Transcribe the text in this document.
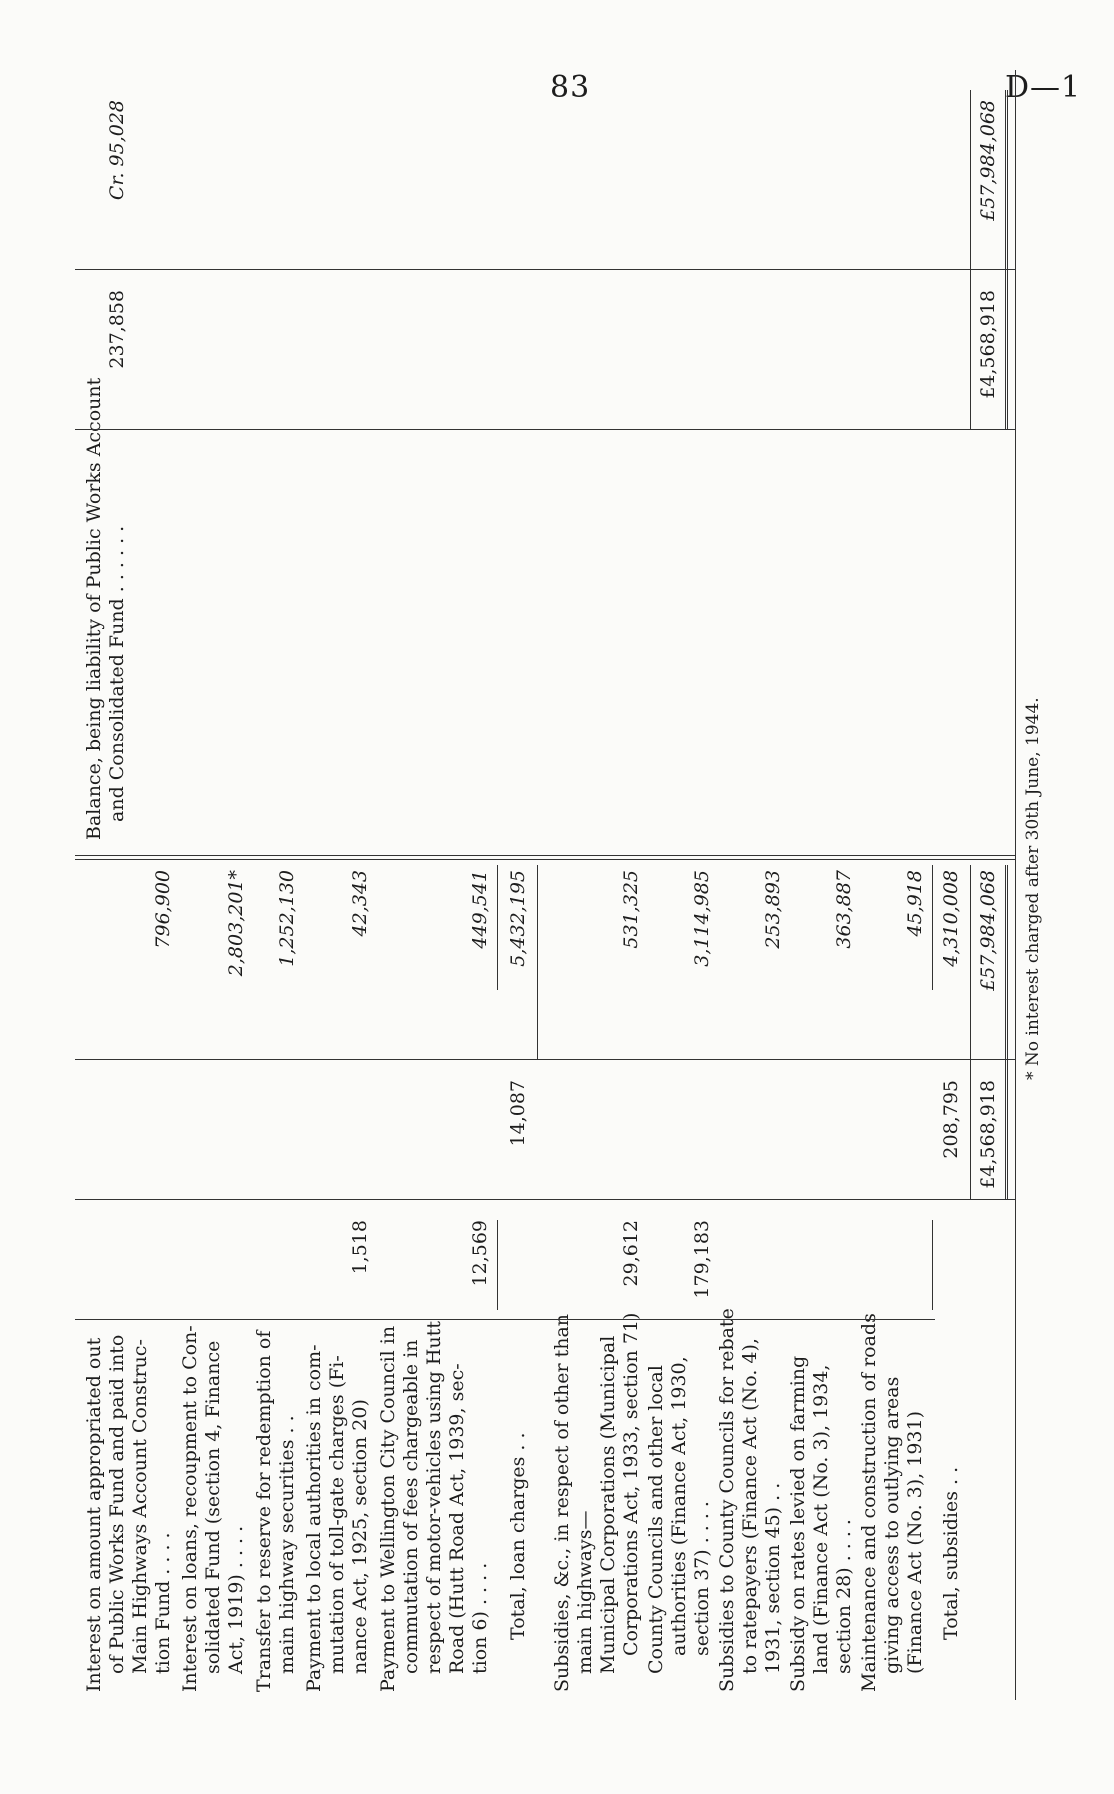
83	D—1
Interest on amount appropriated out of Public Works Fund and paid into Main Highways Account Construc- tion Fund . . . .
796,900
Interest on loans, recoupment to Con- solidated Fund (section 4, Finance Act, 1919) . . . .
2,803,201*
Transfer to reserve for redemption of main highway securities . .
1,252,130
Payment to local authorities in com- mutation of toll-gate charges (Fi- nance Act, 1925, section 20)
1,518
42,343
Payment to Wellington City Council in commutation of fees chargeable in respect of motor-vehicles using Hutt Road (Hutt Road Act, 1939, sec- tion 6) . . . .
12,569
449,541
Total, loan charges . .
14,087
5,432,195
Subsidies, &c., in respect of other than main highways— Municipal Corporations (Municipal Corporations Act, 1933, section 71)
29,612
531,325
County Councils and other local authorities (Finance Act, 1930, section 37) . . . .
179,183
3,114,985
Subsidies to County Councils for rebate to ratepayers (Finance Act (No. 4), 1931, section 45) . .
253,893
Subsidy on rates levied on farming land (Finance Act (No. 3), 1934, section 28) . . . .
363,887
Maintenance and construction of roads giving access to outlying areas (Finance Act (No. 3), 1931)
45,918
Total, subsidies . .
208,795
4,310,008
£4,568,918
£57,984,068
Balance, being liability of Public Works Account and Consolidated Fund . . . . . .
237,858
Cr. 95,028
£4,568,918
£57,984,068
* No interest charged after 30th June, 1944.
